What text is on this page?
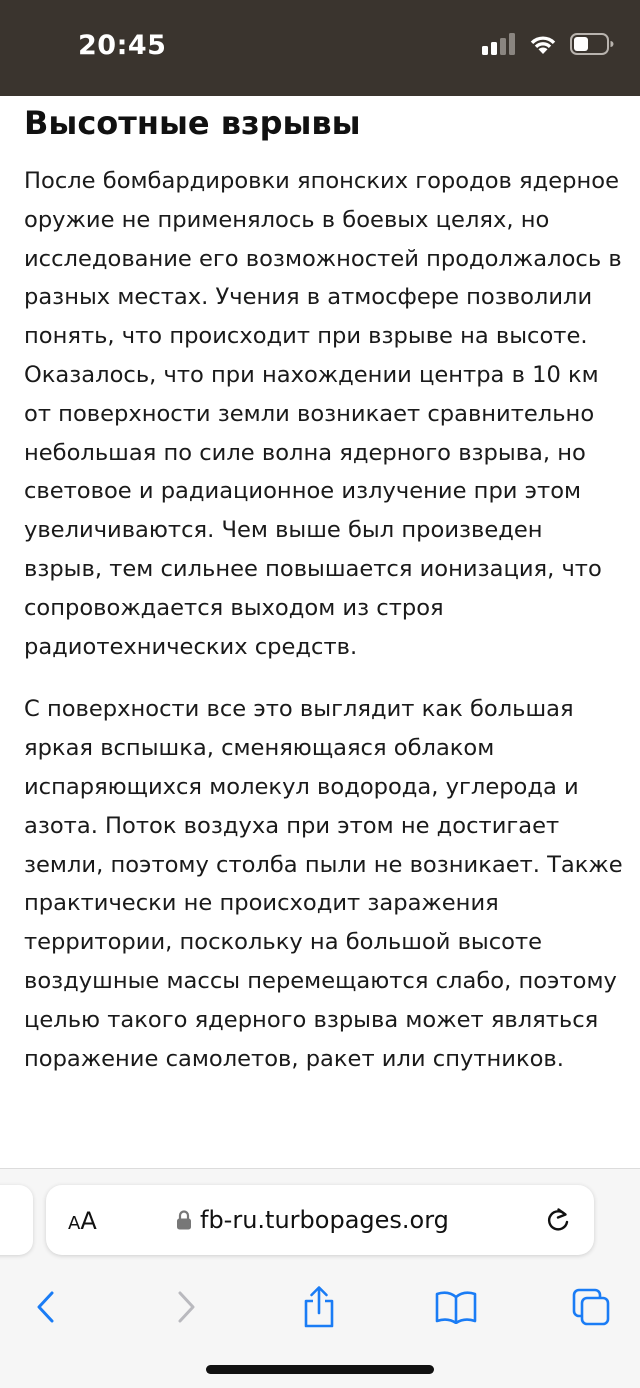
20:45
Высотные взрывы

После бомбардировки японских городов ядерное оружие не применялось в боевых целях, но исследование его возможностей продолжалось в разных местах. Учения в атмосфере позволили понять, что происходит при взрыве на высоте. Оказалось, что при нахождении центра в 10 км от поверхности земли возникает сравнительно небольшая по силе волна ядерного взрыва, но световое и радиационное излучение при этом увеличиваются. Чем выше был произведен взрыв, тем сильнее повышается ионизация, что сопровождается выходом из строя радиотехнических средств.

С поверхности все это выглядит как большая яркая вспышка, сменяющаяся облаком испаряющихся молекул водорода, углерода и азота. Поток воздуха при этом не достигает земли, поэтому столба пыли не возникает. Также практически не происходит заражения территории, поскольку на большой высоте воздушные массы перемещаются слабо, поэтому целью такого ядерного взрыва может являться поражение самолетов, ракет или спутников.

AA	fb-ru.turbopages.org
